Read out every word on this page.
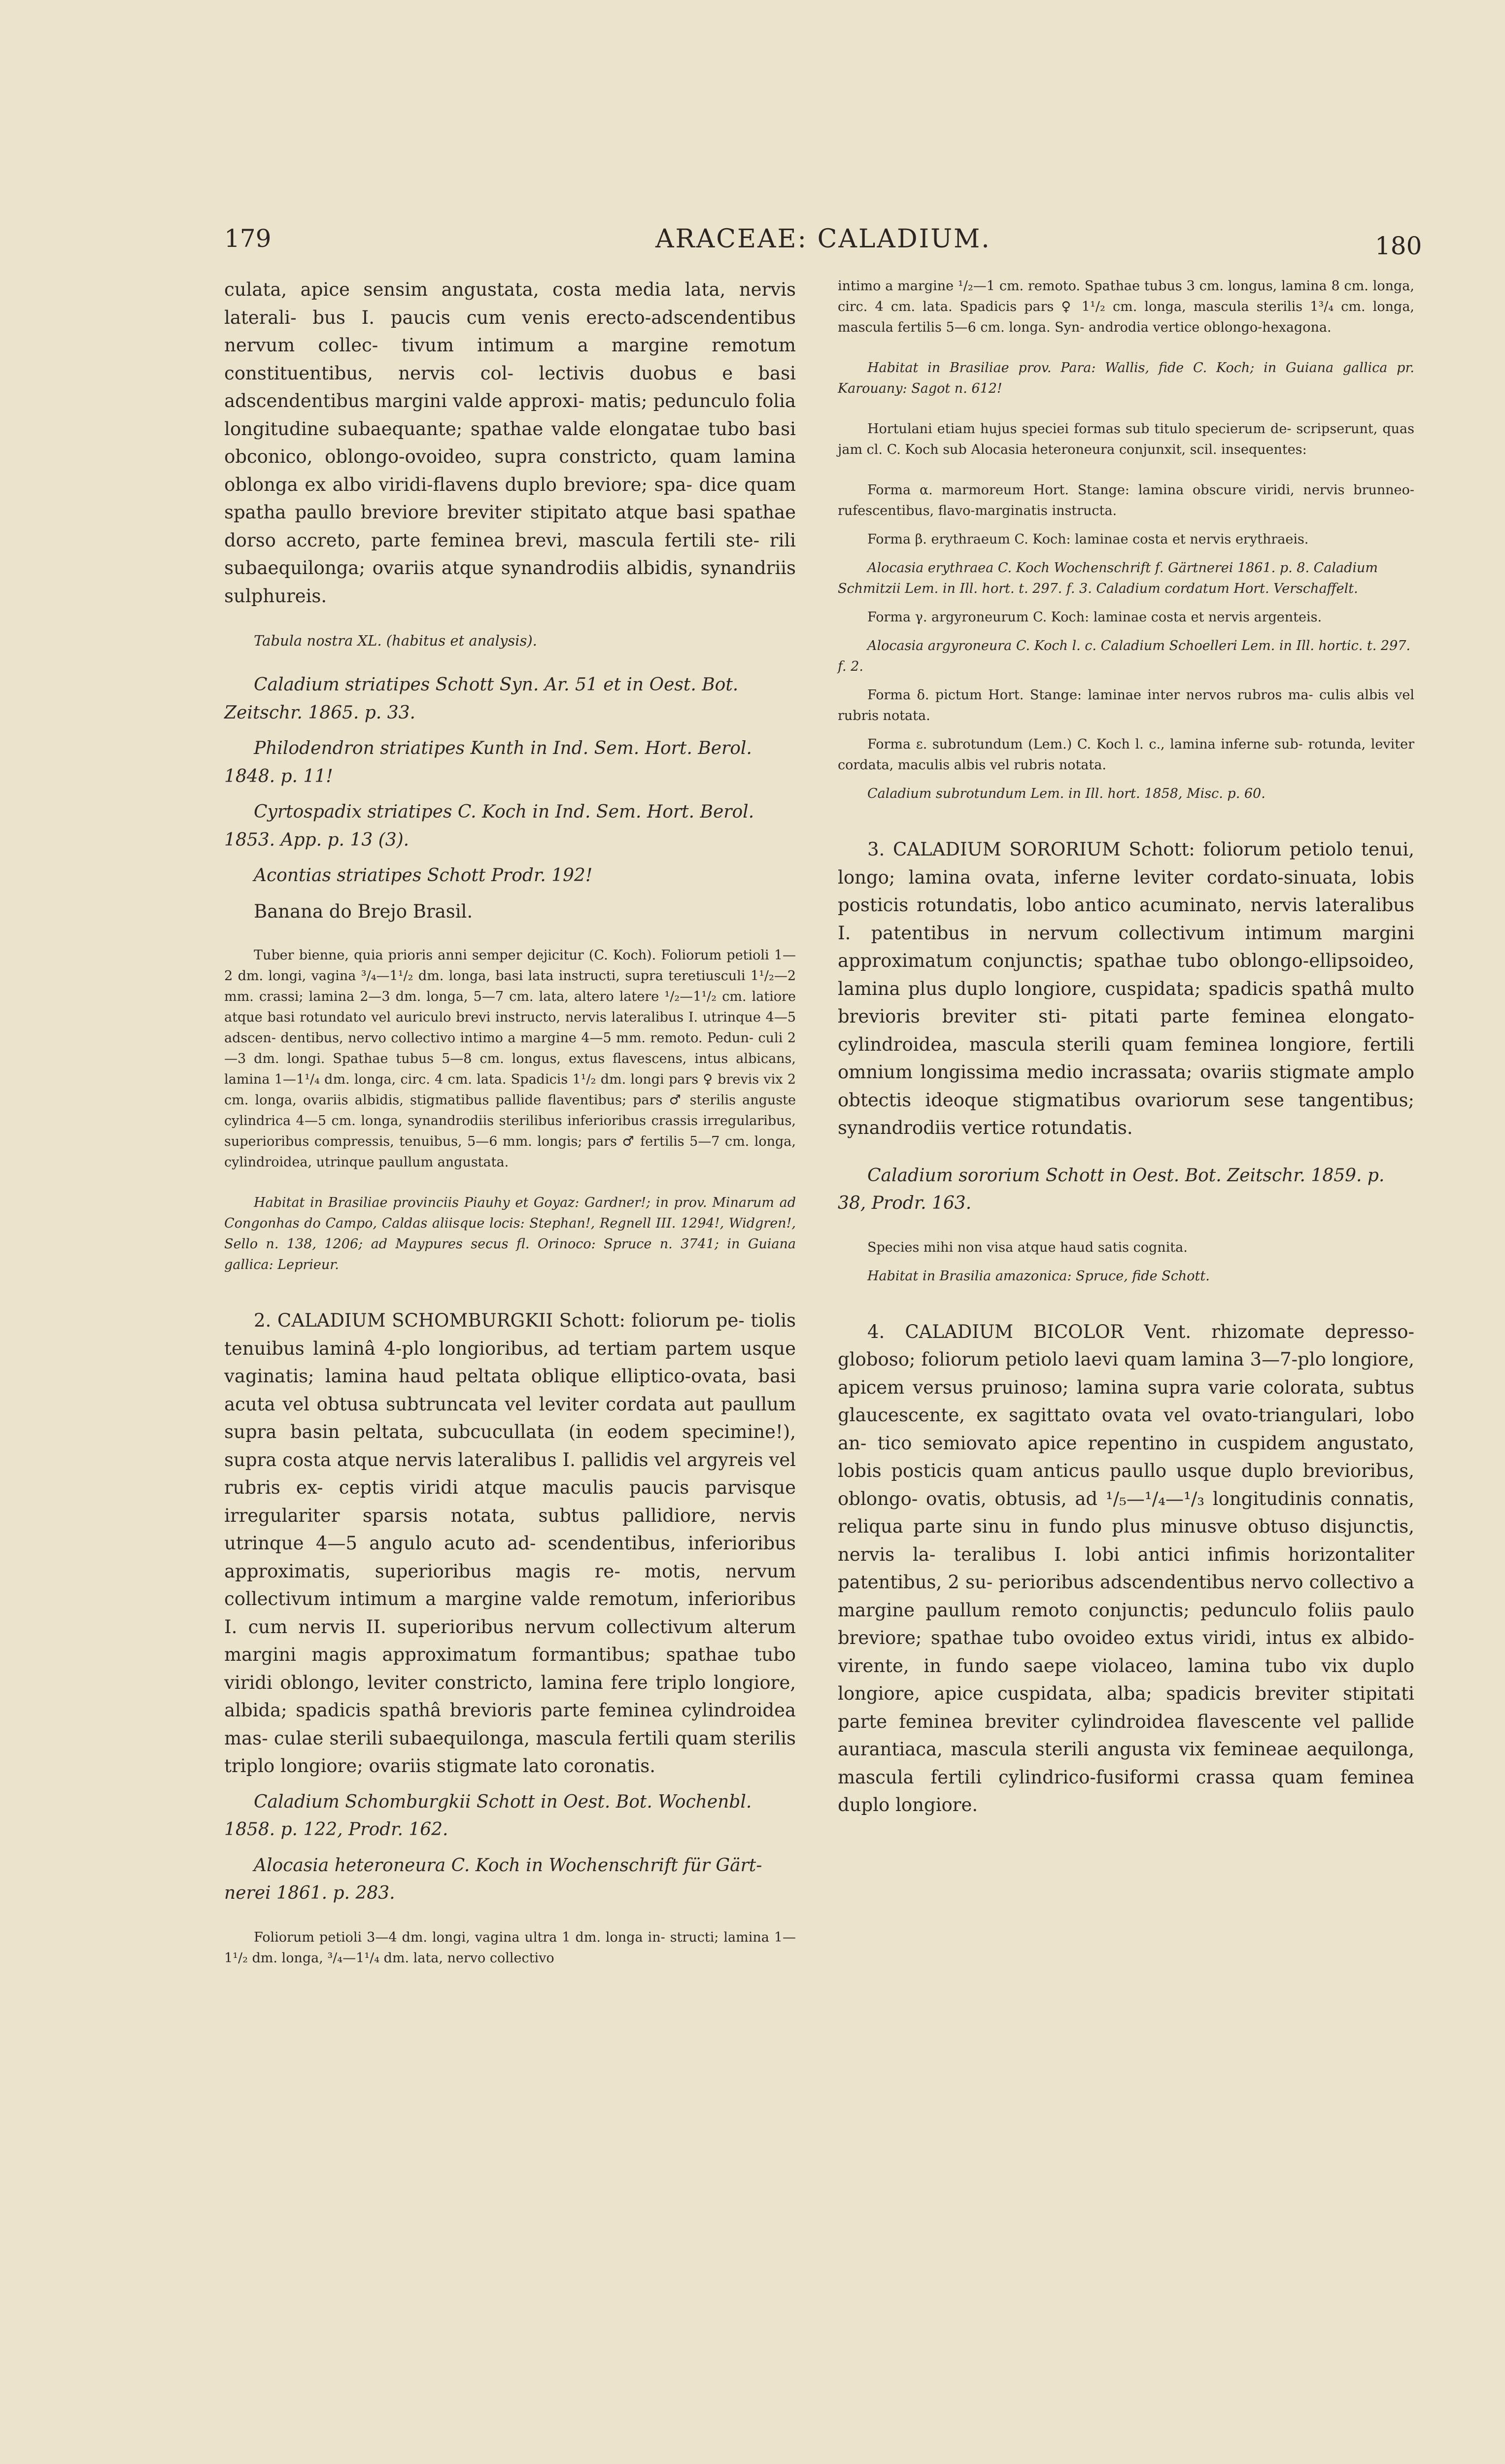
179	ARACEAE: CALADIUM.	180

culata, apice sensim angustata, costa media lata, nervis laterali- bus I. paucis cum venis erecto-adscendentibus nervum collec- tivum intimum a margine remotum constituentibus, nervis col- lectivis duobus e basi adscendentibus margini valde approxi- matis; pedunculo folia longitudine subaequante; spathae valde elongatae tubo basi obconico, oblongo-ovoideo, supra constricto, quam lamina oblonga ex albo viridi-flavens duplo breviore; spa- dice quam spatha paullo breviore breviter stipitato atque basi spathae dorso accreto, parte feminea brevi, mascula fertili ste- rili subaequilonga; ovariis atque synandrodiis albidis, synandriis sulphureis.

Tabula nostra XL. (habitus et analysis).

Caladium striatipes Schott Syn. Ar. 51 et in Oest. Bot. Zeitschr. 1865. p. 33.

Philodendron striatipes Kunth in Ind. Sem. Hort. Berol. 1848. p. 11!

Cyrtospadix striatipes C. Koch in Ind. Sem. Hort. Berol. 1853. App. p. 13 (3).

Acontias striatipes Schott Prodr. 192!

Banana do Brejo Brasil.

Tuber bienne, quia prioris anni semper dejicitur (C. Koch). Foliorum petioli 1—2 dm. longi, vagina ³/₄—1¹/₂ dm. longa, basi lata instructi, supra teretiusculi 1¹/₂—2 mm. crassi; lamina 2—3 dm. longa, 5—7 cm. lata, altero latere ¹/₂—1¹/₂ cm. latiore atque basi rotundato vel auriculo brevi instructo, nervis lateralibus I. utrinque 4—5 adscen- dentibus, nervo collectivo intimo a margine 4—5 mm. remoto. Pedun- culi 2—3 dm. longi. Spathae tubus 5—8 cm. longus, extus flavescens, intus albicans, lamina 1—1¹/₄ dm. longa, circ. 4 cm. lata. Spadicis 1¹/₂ dm. longi pars ♀ brevis vix 2 cm. longa, ovariis albidis, stigmatibus pallide flaventibus; pars ♂ sterilis anguste cylindrica 4—5 cm. longa, synandrodiis sterilibus inferioribus crassis irregularibus, superioribus compressis, tenuibus, 5—6 mm. longis; pars ♂ fertilis 5—7 cm. longa, cylindroidea, utrinque paullum angustata.

Habitat in Brasiliae provinciis Piauhy et Goyaz: Gardner!; in prov. Minarum ad Congonhas do Campo, Caldas aliisque locis: Stephan!, Regnell III. 1294!, Widgren!, Sello n. 138, 1206; ad Maypures secus fl. Orinoco: Spruce n. 3741; in Guiana gallica: Leprieur.

2. CALADIUM SCHOMBURGKII Schott: foliorum pe- tiolis tenuibus laminâ 4-plo longioribus, ad tertiam partem usque vaginatis; lamina haud peltata oblique elliptico-ovata, basi acuta vel obtusa subtruncata vel leviter cordata aut paullum supra basin peltata, subcucullata (in eodem specimine!), supra costa atque nervis lateralibus I. pallidis vel argyreis vel rubris ex- ceptis viridi atque maculis paucis parvisque irregulariter sparsis notata, subtus pallidiore, nervis utrinque 4—5 angulo acuto ad- scendentibus, inferioribus approximatis, superioribus magis re- motis, nervum collectivum intimum a margine valde remotum, inferioribus I. cum nervis II. superioribus nervum collectivum alterum margini magis approximatum formantibus; spathae tubo viridi oblongo, leviter constricto, lamina fere triplo longiore, albida; spadicis spathâ brevioris parte feminea cylindroidea mas- culae sterili subaequilonga, mascula fertili quam sterilis triplo longiore; ovariis stigmate lato coronatis.

Caladium Schomburgkii Schott in Oest. Bot. Wochenbl. 1858. p. 122, Prodr. 162.

Alocasia heteroneura C. Koch in Wochenschrift für Gärt- nerei 1861. p. 283.

Foliorum petioli 3—4 dm. longi, vagina ultra 1 dm. longa in- structi; lamina 1—1¹/₂ dm. longa, ³/₄—1¹/₄ dm. lata, nervo collectivo

intimo a margine ¹/₂—1 cm. remoto. Spathae tubus 3 cm. longus, lamina 8 cm. longa, circ. 4 cm. lata. Spadicis pars ♀ 1¹/₂ cm. longa, mascula sterilis 1³/₄ cm. longa, mascula fertilis 5—6 cm. longa. Syn- androdia vertice oblongo-hexagona.

Habitat in Brasiliae prov. Para: Wallis, fide C. Koch; in Guiana gallica pr. Karouany: Sagot n. 612!

Hortulani etiam hujus speciei formas sub titulo specierum de- scripserunt, quas jam cl. C. Koch sub Alocasia heteroneura conjunxit, scil. insequentes:

Forma α. marmoreum Hort. Stange: lamina obscure viridi, nervis brunneo-rufescentibus, flavo-marginatis instructa.

Forma β. erythraeum C. Koch: laminae costa et nervis erythraeis.

Alocasia erythraea C. Koch Wochenschrift f. Gärtnerei 1861. p. 8. Caladium Schmitzii Lem. in Ill. hort. t. 297. f. 3. Caladium cordatum Hort. Verschaffelt.

Forma γ. argyroneurum C. Koch: laminae costa et nervis argenteis.

Alocasia argyroneura C. Koch l. c. Caladium Schoelleri Lem. in Ill. hortic. t. 297. f. 2.

Forma δ. pictum Hort. Stange: laminae inter nervos rubros ma- culis albis vel rubris notata.

Forma ε. subrotundum (Lem.) C. Koch l. c., lamina inferne sub- rotunda, leviter cordata, maculis albis vel rubris notata.

Caladium subrotundum Lem. in Ill. hort. 1858, Misc. p. 60.

3. CALADIUM SORORIUM Schott: foliorum petiolo tenui, longo; lamina ovata, inferne leviter cordato-sinuata, lobis posticis rotundatis, lobo antico acuminato, nervis lateralibus I. patentibus in nervum collectivum intimum margini approximatum conjunctis; spathae tubo oblongo-ellipsoideo, lamina plus duplo longiore, cuspidata; spadicis spathâ multo brevioris breviter sti- pitati parte feminea elongato-cylindroidea, mascula sterili quam feminea longiore, fertili omnium longissima medio incrassata; ovariis stigmate amplo obtectis ideoque stigmatibus ovariorum sese tangentibus; synandrodiis vertice rotundatis.

Caladium sororium Schott in Oest. Bot. Zeitschr. 1859. p. 38, Prodr. 163.

Species mihi non visa atque haud satis cognita.

Habitat in Brasilia amazonica: Spruce, fide Schott.

4. CALADIUM BICOLOR Vent. rhizomate depresso- globoso; foliorum petiolo laevi quam lamina 3—7-plo longiore, apicem versus pruinoso; lamina supra varie colorata, subtus glaucescente, ex sagittato ovata vel ovato-triangulari, lobo an- tico semiovato apice repentino in cuspidem angustato, lobis posticis quam anticus paullo usque duplo brevioribus, oblongo- ovatis, obtusis, ad ¹/₅—¹/₄—¹/₃ longitudinis connatis, reliqua parte sinu in fundo plus minusve obtuso disjunctis, nervis la- teralibus I. lobi antici infimis horizontaliter patentibus, 2 su- perioribus adscendentibus nervo collectivo a margine paullum remoto conjunctis; pedunculo foliis paulo breviore; spathae tubo ovoideo extus viridi, intus ex albido-virente, in fundo saepe violaceo, lamina tubo vix duplo longiore, apice cuspidata, alba; spadicis breviter stipitati parte feminea breviter cylindroidea flavescente vel pallide aurantiaca, mascula sterili angusta vix femineae aequilonga, mascula fertili cylindrico-fusiformi crassa quam feminea duplo longiore.
